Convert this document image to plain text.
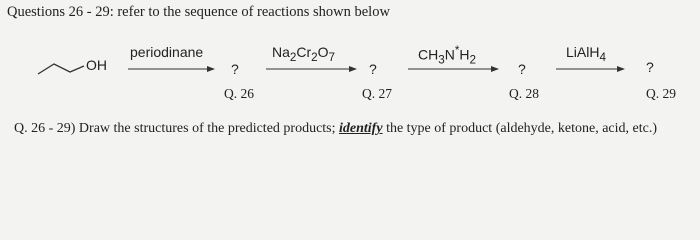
Questions 26 - 29: refer to the sequence of reactions shown below
OH
periodinane
?
Q. 26
$Na_2Cr_2O_7$
?
Q. 27
$CH_3N^*H_2$
?
Q. 28
LiAlH$_4$
?
Q. 29
Q. 26 - 29) Draw the structures of the predicted products; identify the type of product (aldehyde, ketone, acid, etc.)
